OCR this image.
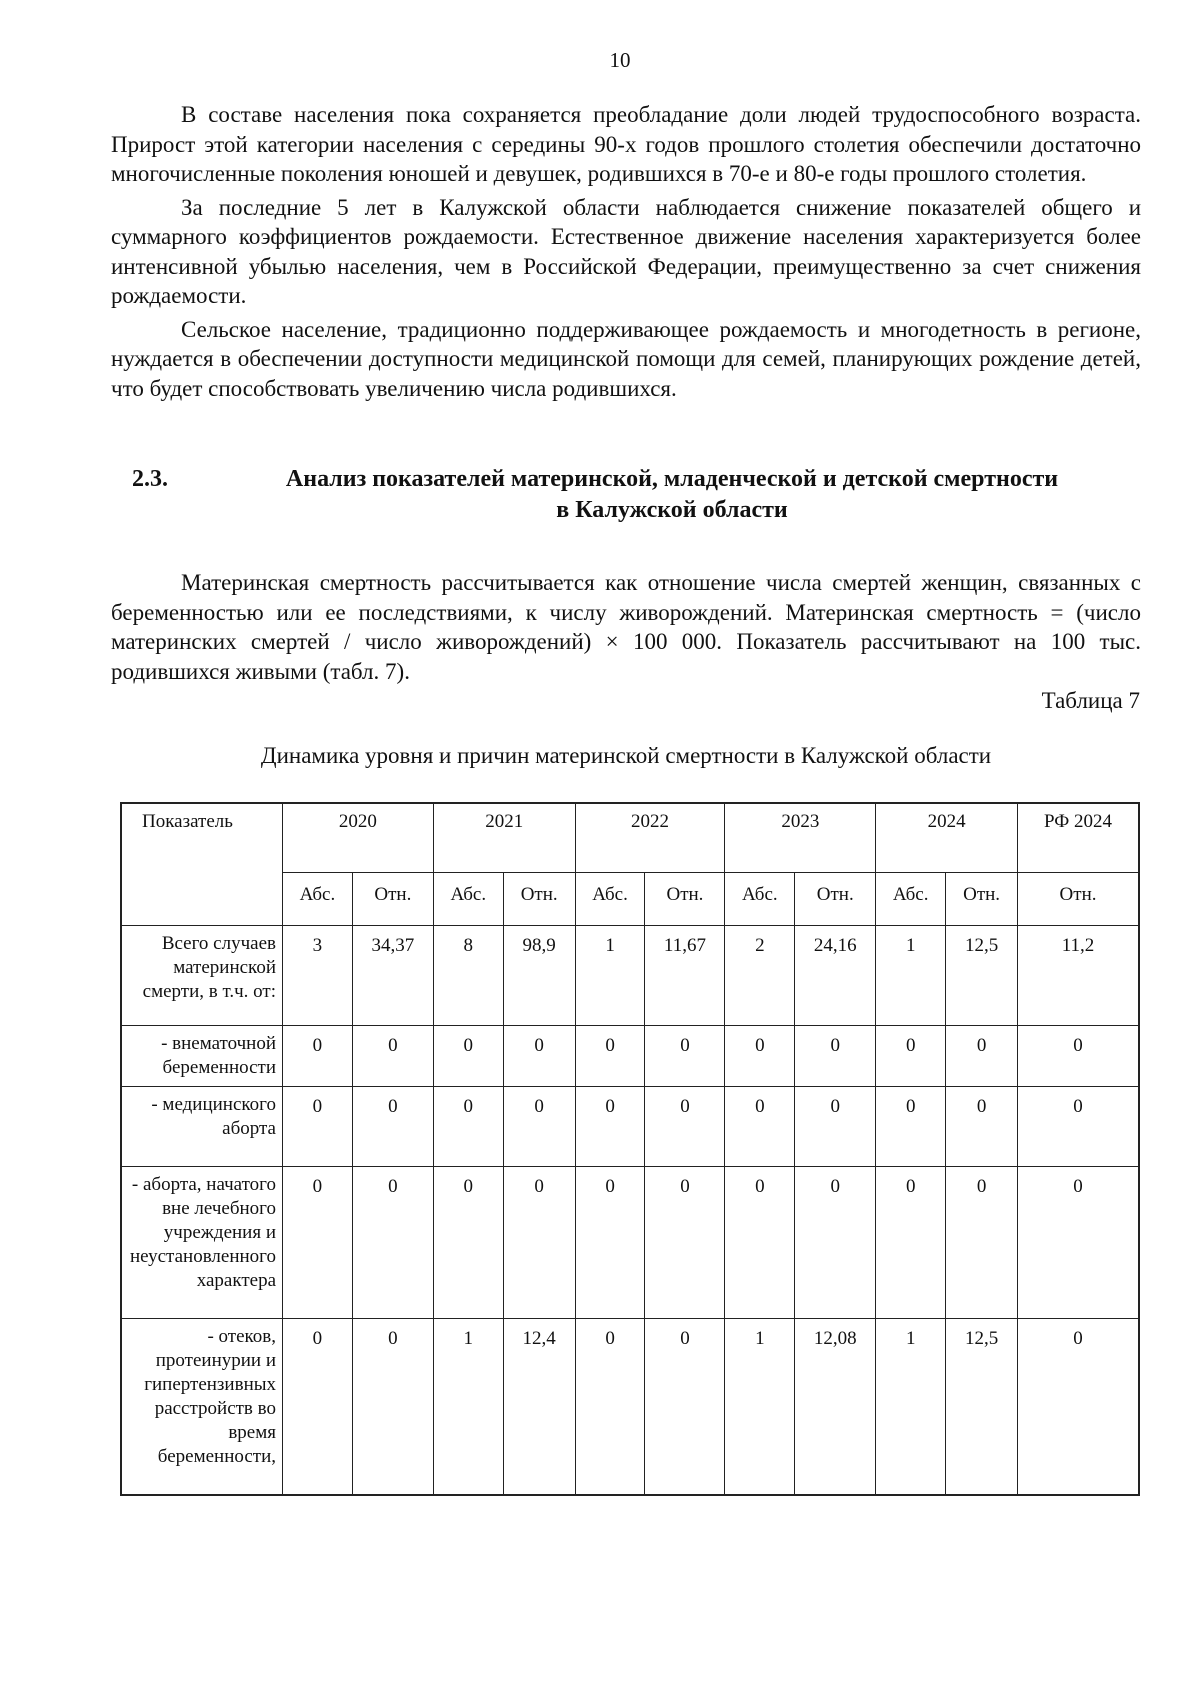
10

В составе населения пока сохраняется преобладание доли людей трудоспособного возраста. Прирост этой категории населения с середины 90-х годов прошлого столетия обеспечили достаточно многочисленные поколения юношей и девушек, родившихся в 70-е и 80-е годы прошлого столетия.

За последние 5 лет в Калужской области наблюдается снижение показателей общего и суммарного коэффициентов рождаемости. Естественное движение населения характеризуется более интенсивной убылью населения, чем в Российской Федерации, преимущественно за счет снижения рождаемости.

Сельское население, традиционно поддерживающее рождаемость и многодетность в регионе, нуждается в обеспечении доступности медицинской помощи для семей, планирующих рождение детей, что будет способствовать увеличению числа родившихся.

2.3.	Анализ показателей материнской, младенческой и детской смертности
в Калужской области

Материнская смертность рассчитывается как отношение числа смертей женщин, связанных с беременностью или ее последствиями, к числу живорождений. Материнская смертность = (число материнских смертей / число живорождений) × 100 000. Показатель рассчитывают на 100 тыс. родившихся живыми (табл. 7).

Таблица 7
Динамика уровня и причин материнской смертности в Калужской области
Показатель	2020		2021		2022		2023		2024		РФ 2024
	Абс.	Отн.	Абс.	Отн.	Абс.	Отн.	Абс.	Отн.	Абс.	Отн.	Отн.
Всего случаев материнской смерти, в т.ч. от:	3	34,37	8	98,9	1	11,67	2	24,16	1	12,5	11,2
- внематочной беременности	0	0	0	0	0	0	0	0	0	0	0
- медицинского аборта	0	0	0	0	0	0	0	0	0	0	0
- аборта, начатого вне лечебного учреждения и неустановленного характера	0	0	0	0	0	0	0	0	0	0	0
- отеков, протеинурии и гипертензивных расстройств во время беременности,	0	0	1	12,4	0	0	1	12,08	1	12,5	0
